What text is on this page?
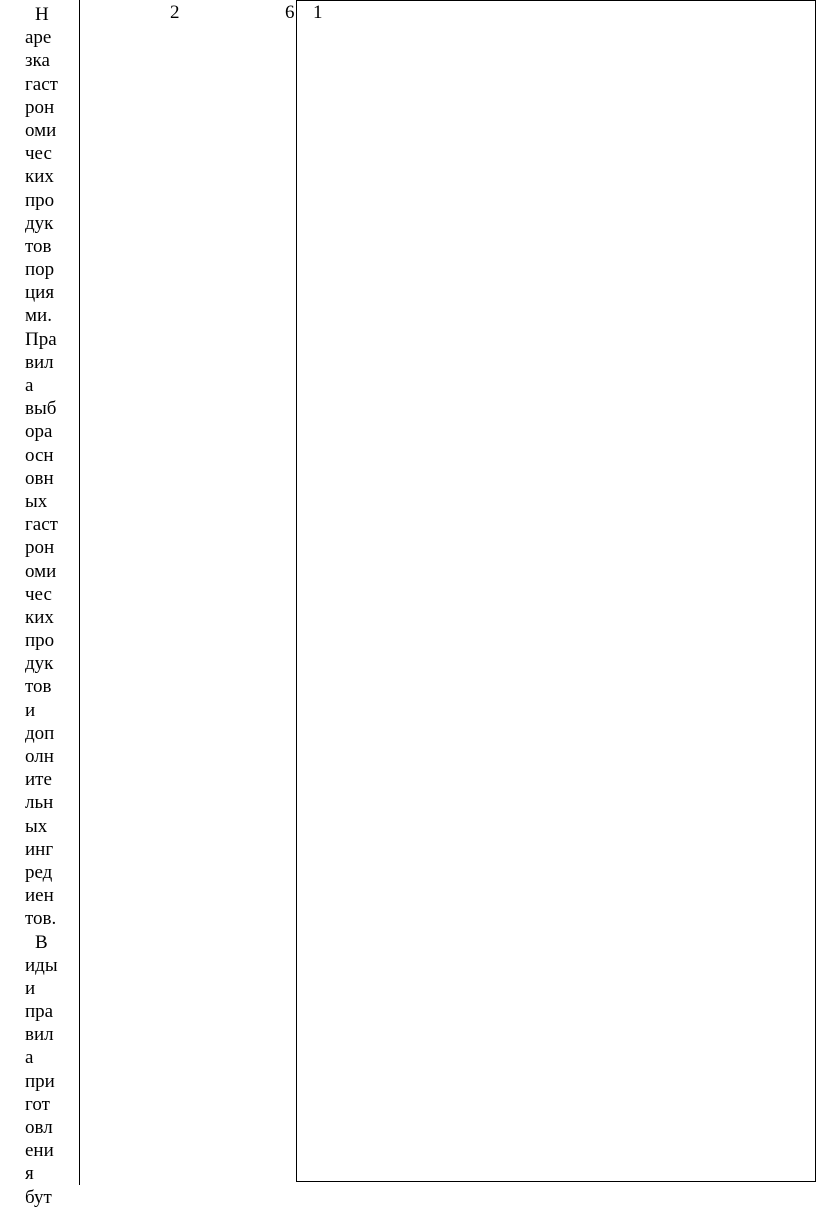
Н
аре
зка
гаст
рон
оми
чес
ких
про
дук
тов
пор
ция
ми.
Пра
вил
а
выб
ора
осн
овн
ых
гаст
рон
оми
чес
ких
про
дук
тов
и
доп
олн
ите
льн
ых
инг
ред
иен
тов.
В
иды
и
пра
вил
а
при
гот
овл
ени
я
бут
2	6 1
